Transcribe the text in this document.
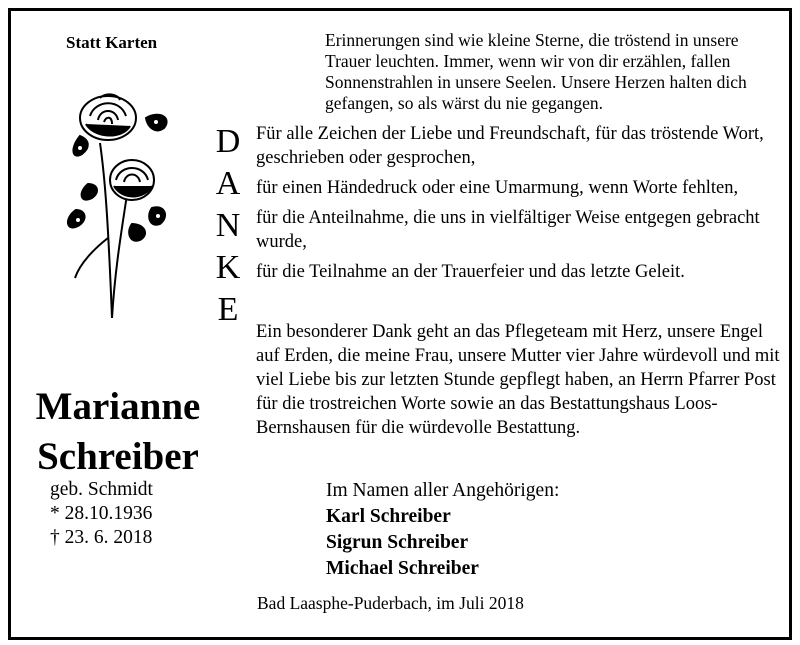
Statt Karten	Erinnerungen sind wie kleine Sterne, die tröstend in unsere Trauer leuchten. Immer, wenn wir von dir erzählen, fallen Sonnenstrahlen in unsere Seelen. Unsere Herzen halten dich gefangen, so als wärst du nie gegangen.

D
A
N
K
E

Für alle Zeichen der Liebe und Freundschaft, für das tröstende Wort, geschrieben oder gesprochen,

für einen Händedruck oder eine Umarmung, wenn Worte fehlten,

für die Anteilnahme, die uns in vielfältiger Weise entgegen gebracht wurde,

für die Teilnahme an der Trauerfeier und das letzte Geleit.

Ein besonderer Dank geht an das Pflegeteam mit Herz, unsere Engel auf Erden, die meine Frau, unsere Mutter vier Jahre würdevoll und mit viel Liebe bis zur letzten Stunde gepflegt haben, an Herrn Pfarrer Post für die trostreichen Worte sowie an das Bestattungshaus Loos-Bernshausen für die würdevolle Bestattung.

Marianne
Schreiber
geb. Schmidt
* 28.10.1936
† 23. 6. 2018
Im Namen aller Angehörigen:
Karl Schreiber
Sigrun Schreiber
Michael Schreiber
Bad Laasphe-Puderbach, im Juli 2018
